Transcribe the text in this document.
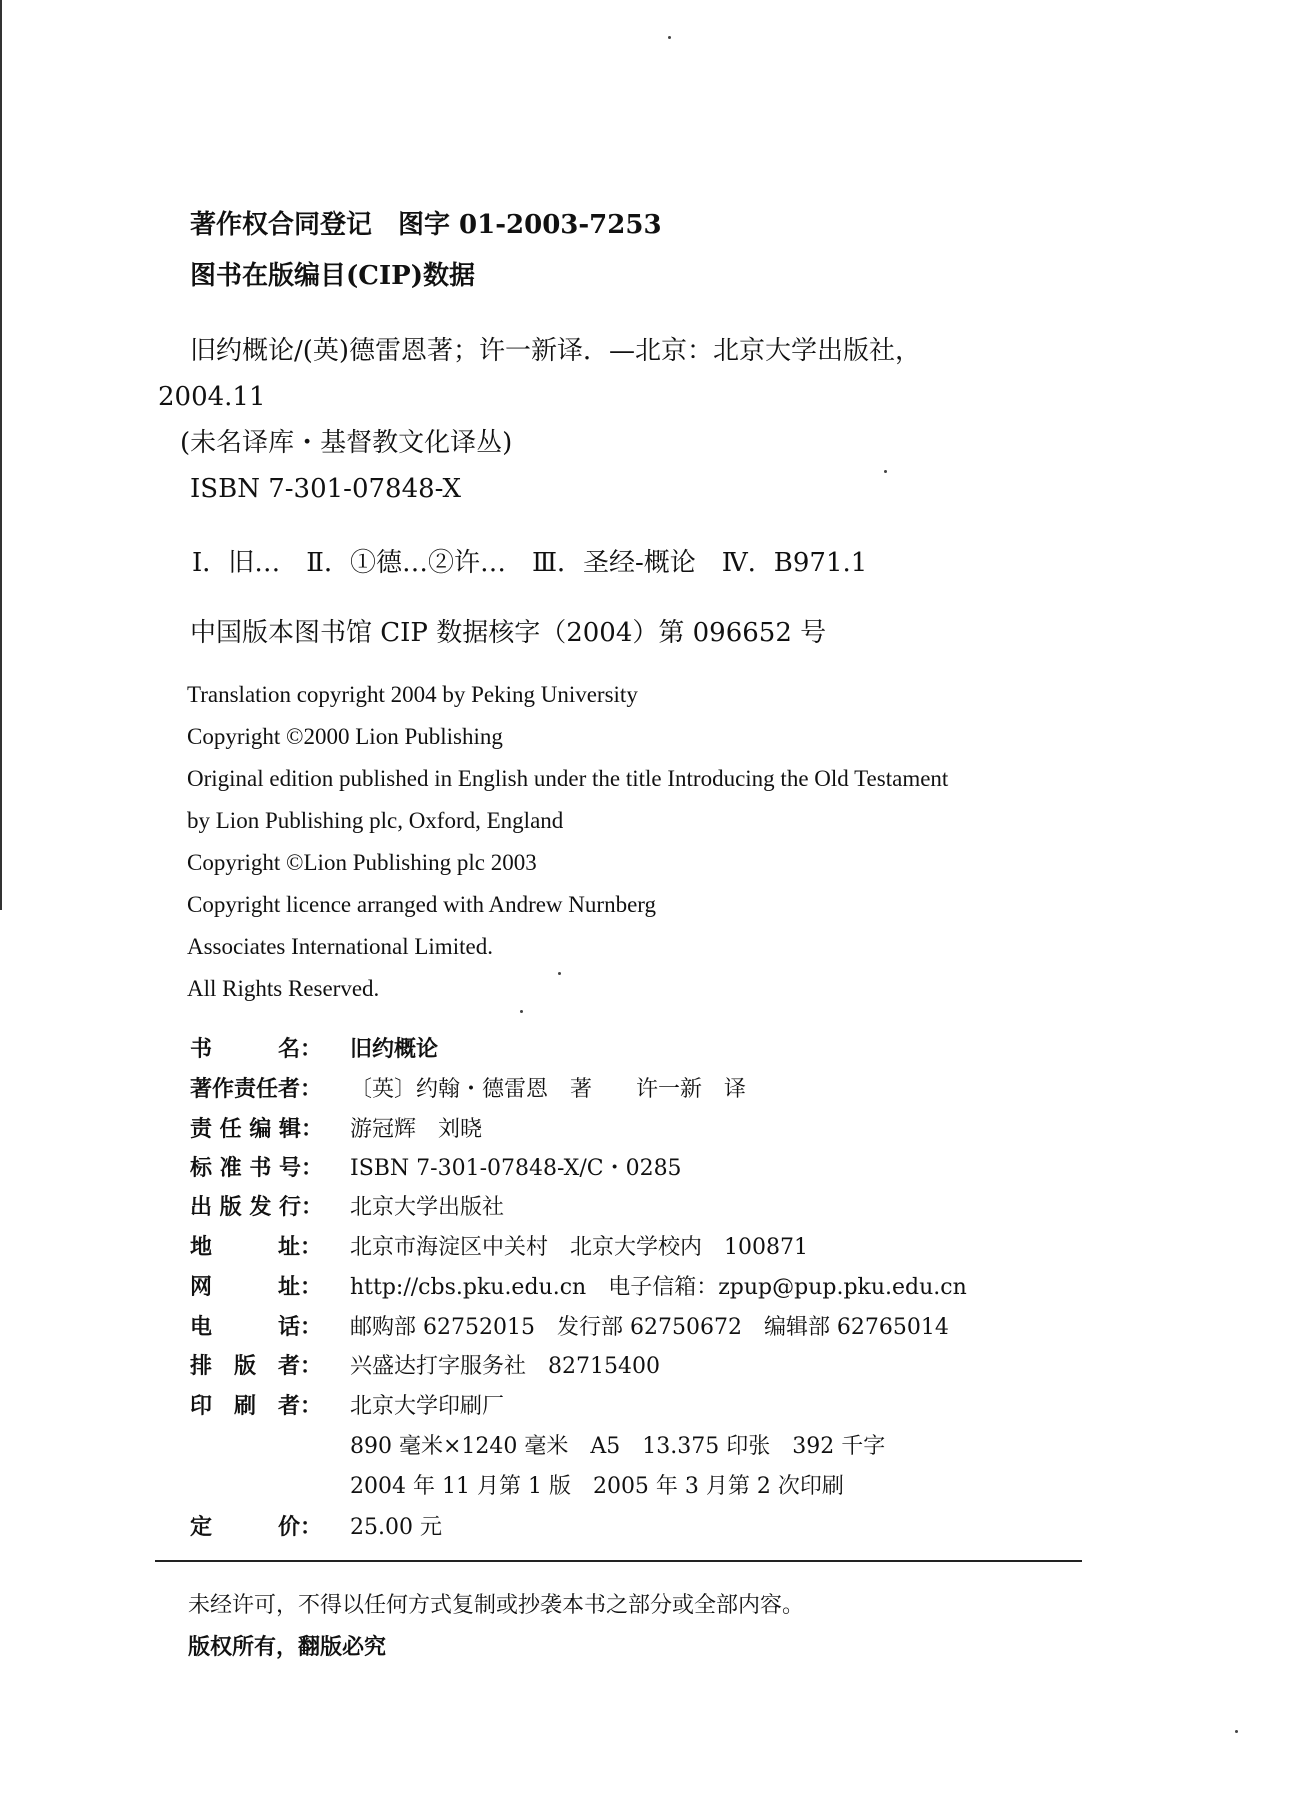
著作权合同登记　图字 01-2003-7253
图书在版编目(CIP)数据
旧约概论/(英)德雷恩著；许一新译．—北京：北京大学出版社，
2004.11
(未名译库・基督教文化译丛)
ISBN 7-301-07848-X
Ⅰ．旧…　Ⅱ．①德…②许…　Ⅲ．圣经-概论　Ⅳ．B971.1
中国版本图书馆 CIP 数据核字（2004）第 096652 号
Translation copyright 2004 by Peking University
Copyright ©2000 Lion Publishing
Original edition published in English under the title Introducing the Old Testament
by Lion Publishing plc, Oxford, England
Copyright ©Lion Publishing plc 2003
Copyright licence arranged with Andrew Nurnberg
Associates International Limited.
All Rights Reserved.
书　　　名： 旧约概论
著作责任者： 〔英〕约翰・德雷恩　著　　许一新　译
责 任 编 辑： 游冠辉　刘晓
标 准 书 号： ISBN 7-301-07848-X/C・0285
出 版 发 行： 北京大学出版社
地　　　址： 北京市海淀区中关村　北京大学校内　100871
网　　　址： http://cbs.pku.edu.cn　电子信箱：zpup@pup.pku.edu.cn
电　　　话： 邮购部 62752015　发行部 62750672　编辑部 62765014
排　版　者： 兴盛达打字服务社　82715400
印　刷　者： 北京大学印刷厂
890 毫米×1240 毫米　A5　13.375 印张　392 千字
2004 年 11 月第 1 版　2005 年 3 月第 2 次印刷
定　　　价： 25.00 元
未经许可，不得以任何方式复制或抄袭本书之部分或全部内容。
版权所有，翻版必究
